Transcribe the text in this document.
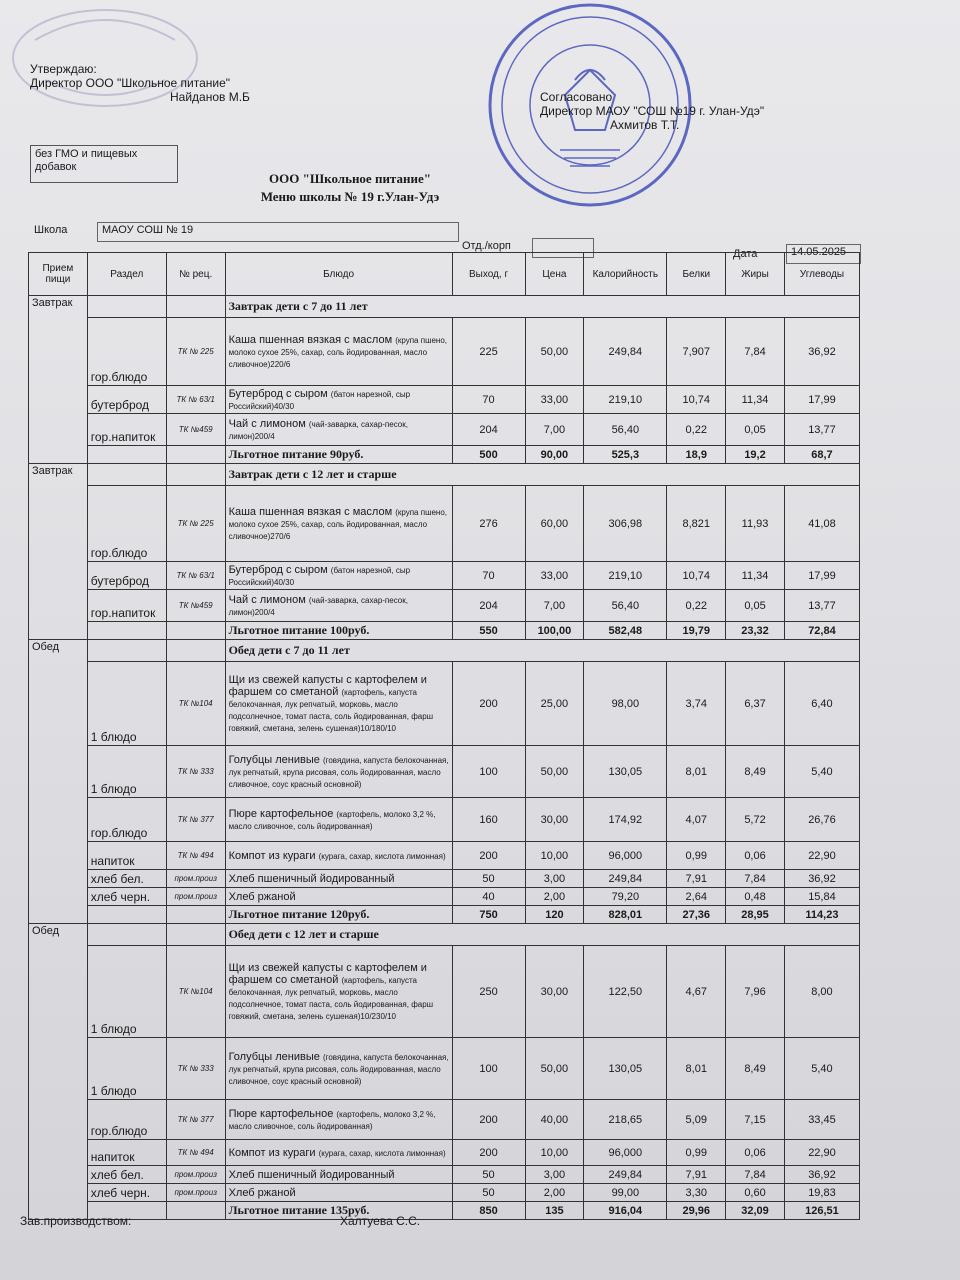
Утверждаю:
Директор ООО "Школьное питание"
Найданов М.Б
без ГМО и пищевых добавок
Согласовано
Директор МАОУ "СОШ №19 г. Улан-Удэ"
Ахмитов Т.Т.
ООО "Школьное питание"
Меню школы № 19 г.Улан-Удэ
Школа	МАОУ СОШ № 19
Отд./корп
Дата	14.05.2025
Прием пищи	Раздел	№ рец.	Блюдо	Выход, г	Цена	Калорийность	Белки	Жиры	Углеводы
Завтрак			Завтрак дети с 7 до 11 лет						
	гор.блюдо	ТК № 225	Каша пшенная вязкая с маслом (крупа пшено, молоко сухое 25%, сахар, соль йодированная, масло сливочное)220/6	225	50,00	249,84	7,907	7,84	36,92
	бутерброд	ТК № 63/1	Бутерброд с сыром (батон нарезной, сыр Российский)40/30	70	33,00	219,10	10,74	11,34	17,99
	гор.напиток	ТК №459	Чай с лимоном (чай-заварка, сахар-песок, лимон)200/4	204	7,00	56,40	0,22	0,05	13,77
			Льготное питание 90руб.	500	90,00	525,3	18,9	19,2	68,7
Завтрак			Завтрак дети с 12 лет и старше						
	гор.блюдо	ТК № 225	Каша пшенная вязкая с маслом (крупа пшено, молоко сухое 25%, сахар, соль йодированная, масло сливочное)270/6	276	60,00	306,98	8,821	11,93	41,08
	бутерброд	ТК № 63/1	Бутерброд с сыром (батон нарезной, сыр Российский)40/30	70	33,00	219,10	10,74	11,34	17,99
	гор.напиток	ТК №459	Чай с лимоном (чай-заварка, сахар-песок, лимон)200/4	204	7,00	56,40	0,22	0,05	13,77
			Льготное питание 100руб.	550	100,00	582,48	19,79	23,32	72,84
Обед			Обед дети с 7 до 11 лет						
	1 блюдо	ТК №104	Щи из свежей капусты с картофелем и фаршем со сметаной (картофель, капуста белокочанная, лук репчатый, морковь, масло подсолнечное, томат паста, соль йодированная, фарш говяжий, сметана, зелень сушеная)10/180/10	200	25,00	98,00	3,74	6,37	6,40
	1 блюдо	ТК № 333	Голубцы ленивые (говядина, капуста белокочанная, лук репчатый, крупа рисовая, соль йодированная, масло сливочное, соус красный основной)	100	50,00	130,05	8,01	8,49	5,40
	гор.блюдо	ТК № 377	Пюре картофельное (картофель, молоко 3,2 %, масло сливочное, соль йодированная)	160	30,00	174,92	4,07	5,72	26,76
	напиток	ТК № 494	Компот из кураги (курага, сахар, кислота лимонная)	200	10,00	96,000	0,99	0,06	22,90
	хлеб бел.	пром.произ	Хлеб пшеничный йодированный	50	3,00	249,84	7,91	7,84	36,92
	хлеб черн.	пром.произ	Хлеб ржаной	40	2,00	79,20	2,64	0,48	15,84
			Льготное питание 120руб.	750	120	828,01	27,36	28,95	114,23
Обед			Обед дети с 12 лет и старше						
	1 блюдо	ТК №104	Щи из свежей капусты с картофелем и фаршем со сметаной (картофель, капуста белокочанная, лук репчатый, морковь, масло подсолнечное, томат паста, соль йодированная, фарш говяжий, сметана, зелень сушеная)10/230/10	250	30,00	122,50	4,67	7,96	8,00
	1 блюдо	ТК № 333	Голубцы ленивые (говядина, капуста белокочанная, лук репчатый, крупа рисовая, соль йодированная, масло сливочное, соус красный основной)	100	50,00	130,05	8,01	8,49	5,40
	гор.блюдо	ТК № 377	Пюре картофельное (картофель, молоко 3,2 %, масло сливочное, соль йодированная)	200	40,00	218,65	5,09	7,15	33,45
	напиток	ТК № 494	Компот из кураги (курага, сахар, кислота лимонная)	200	10,00	96,000	0,99	0,06	22,90
	хлеб бел.	пром.произ	Хлеб пшеничный йодированный	50	3,00	249,84	7,91	7,84	36,92
	хлеб черн.	пром.произ	Хлеб ржаной	50	2,00	99,00	3,30	0,60	19,83
			Льготное питание 135руб.	850	135	916,04	29,96	32,09	126,51
Зав.производством:	Халтуева С.С.
